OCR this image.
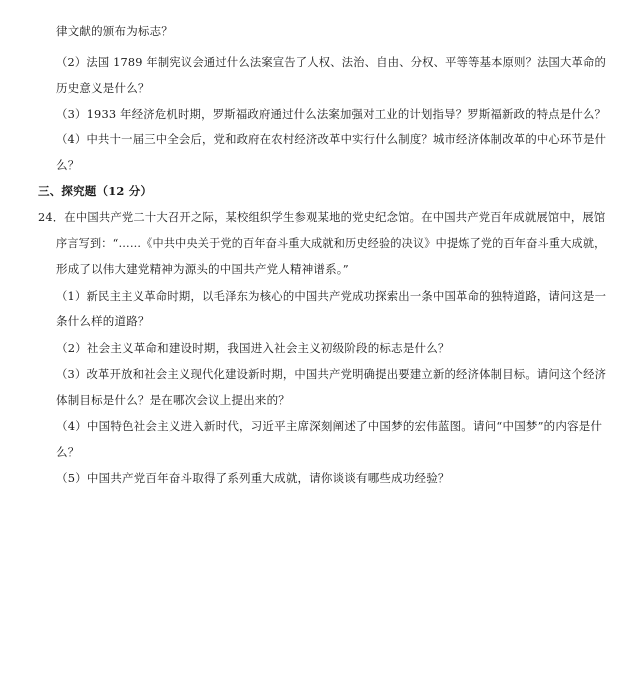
律文献的颁布为标志？
（2）法国 1789 年制宪议会通过什么法案宣告了人权、法治、自由、分权、平等等基本原则？法国大革命的
历史意义是什么？
（3）1933 年经济危机时期，罗斯福政府通过什么法案加强对工业的计划指导？罗斯福新政的特点是什么？
（4）中共十一届三中全会后，党和政府在农村经济改革中实行什么制度？城市经济体制改革的中心环节是什
么？
三、探究题（12 分）
24．在中国共产党二十大召开之际，某校组织学生参观某地的党史纪念馆。在中国共产党百年成就展馆中，展馆
序言写到：“……《中共中央关于党的百年奋斗重大成就和历史经验的决议》中提炼了党的百年奋斗重大成就，
形成了以伟大建党精神为源头的中国共产党人精神谱系。”
（1）新民主主义革命时期，以毛泽东为核心的中国共产党成功探索出一条中国革命的独特道路，请问这是一
条什么样的道路？
（2）社会主义革命和建设时期，我国进入社会主义初级阶段的标志是什么？
（3）改革开放和社会主义现代化建设新时期，中国共产党明确提出要建立新的经济体制目标。请问这个经济
体制目标是什么？是在哪次会议上提出来的？
（4）中国特色社会主义进入新时代，习近平主席深刻阐述了中国梦的宏伟蓝图。请问“中国梦”的内容是什
么？
（5）中国共产党百年奋斗取得了系列重大成就，请你谈谈有哪些成功经验？
